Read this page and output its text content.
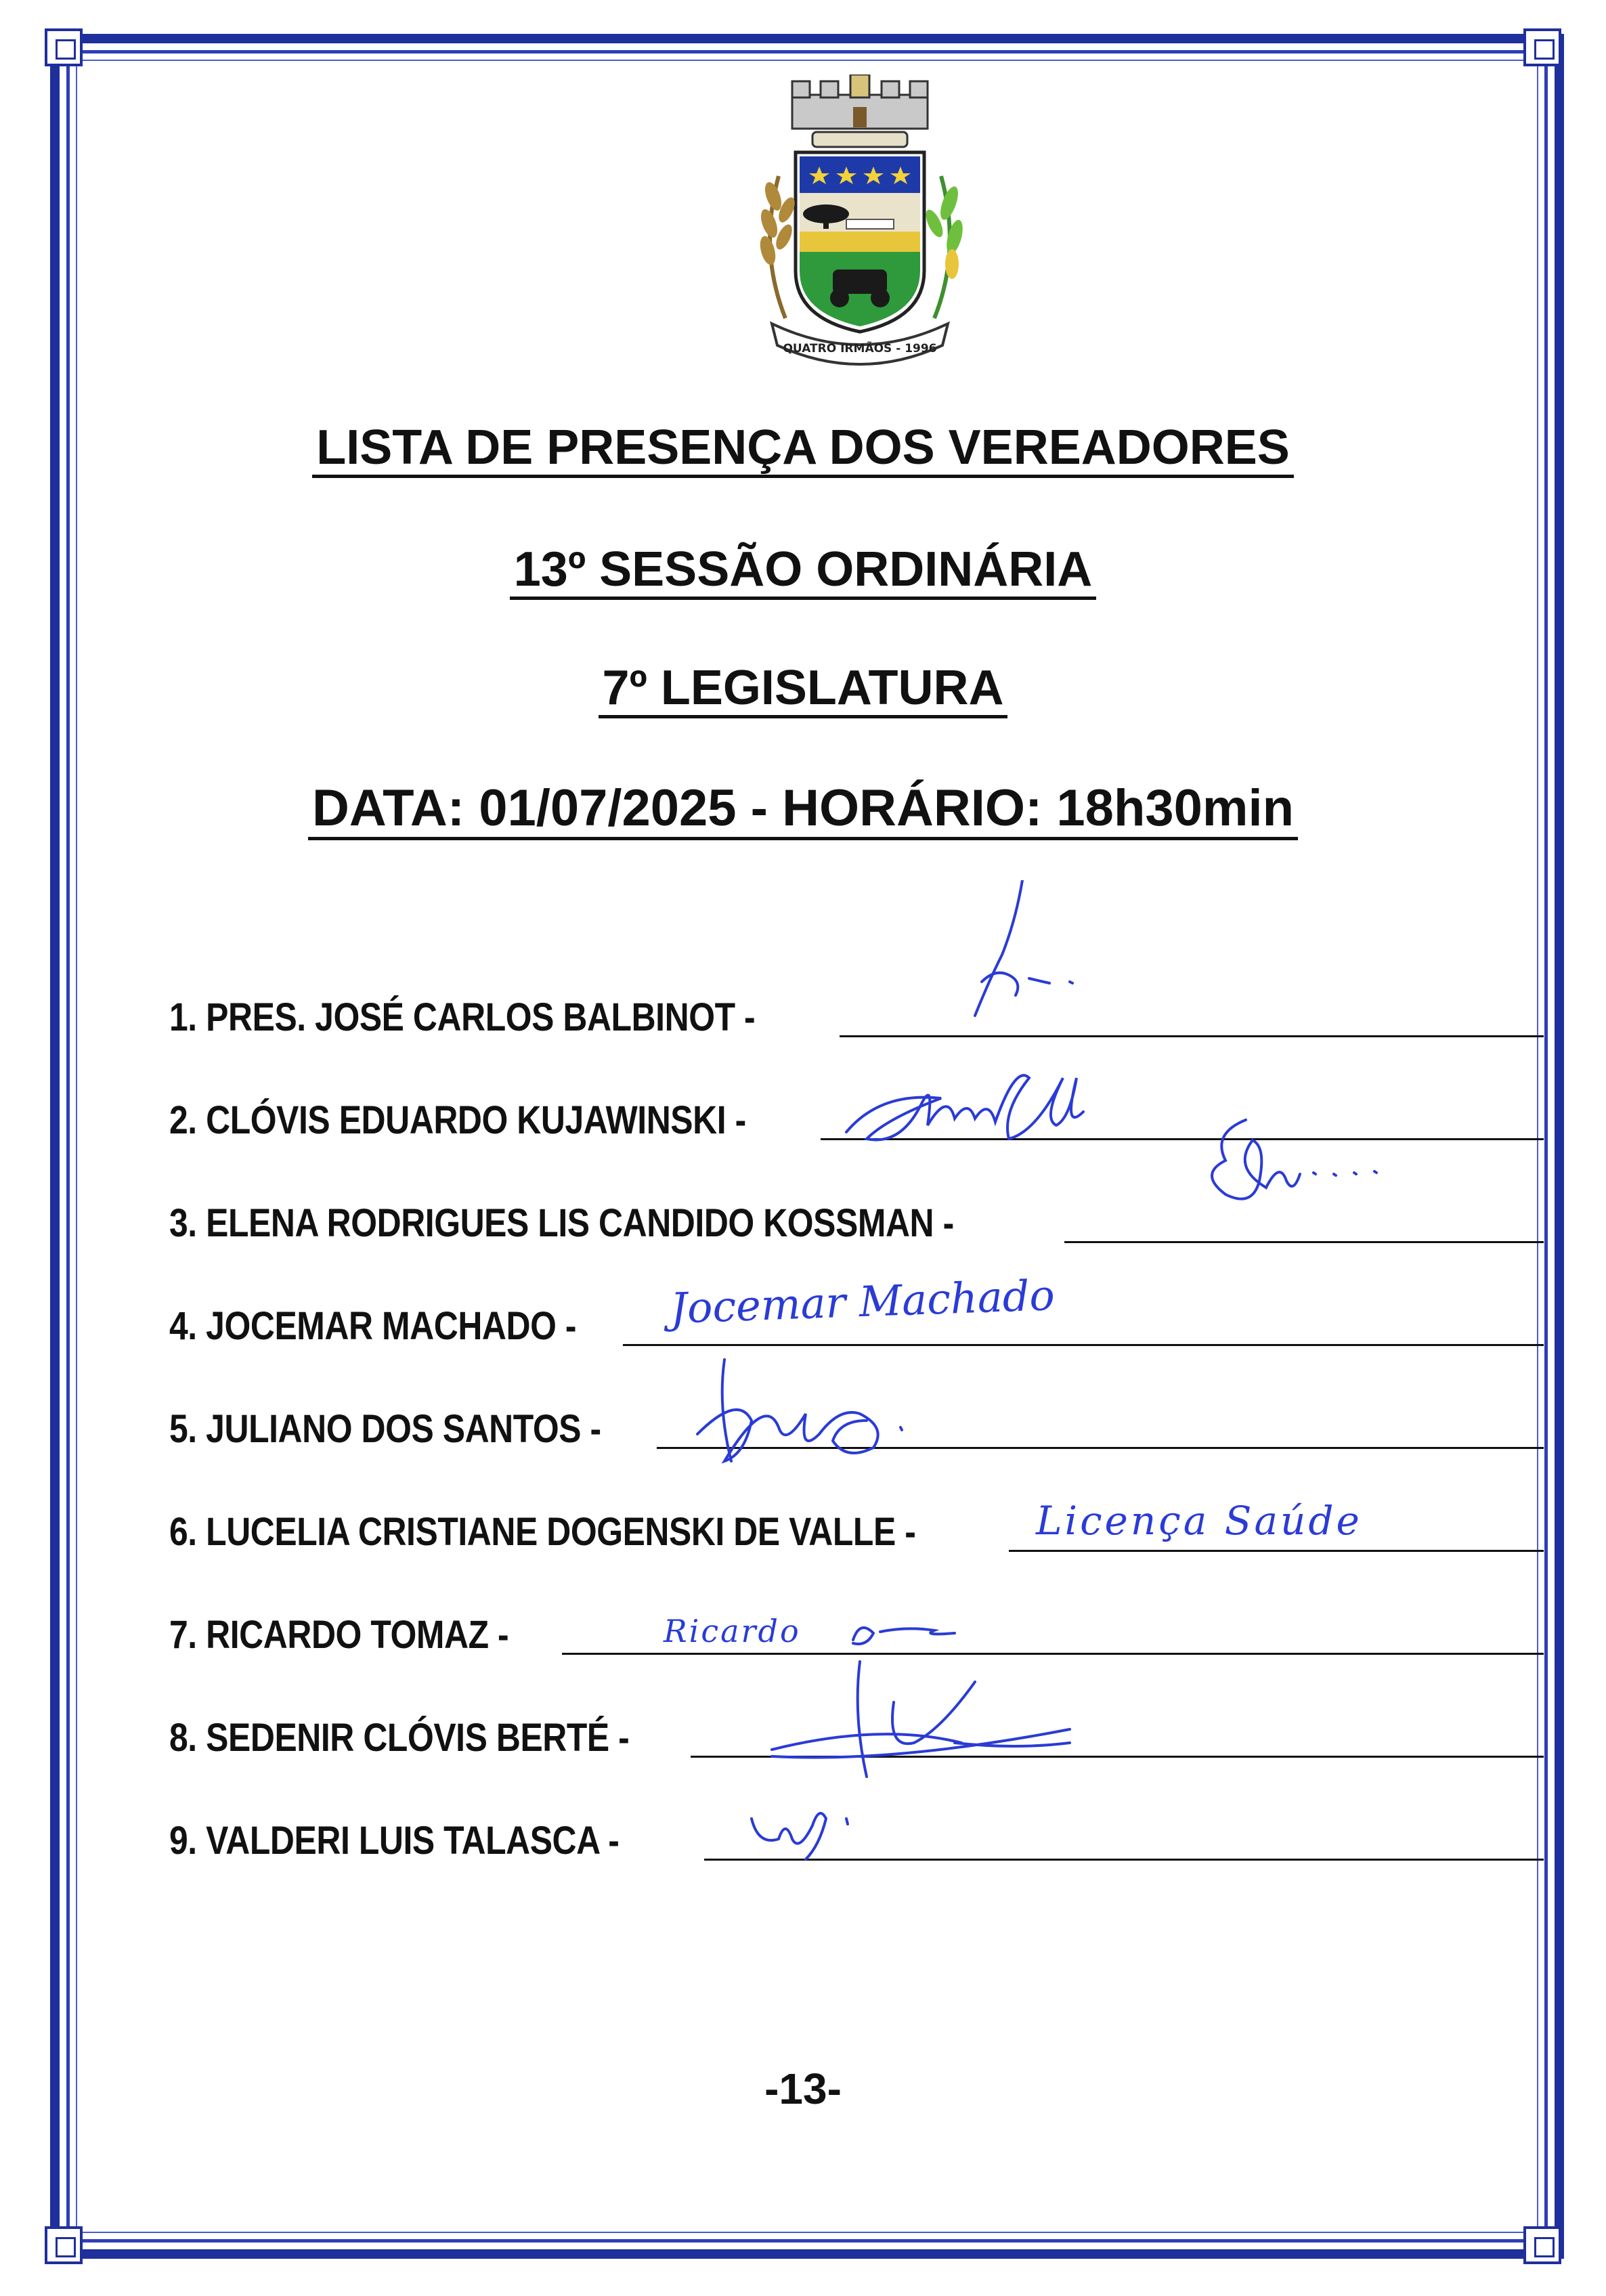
QUATRO IRMÃOS - 1996
LISTA DE PRESENÇA DOS VEREADORES
13º SESSÃO ORDINÁRIA
7º LEGISLATURA
DATA: 01/07/2025 - HORÁRIO: 18h30min
1. PRES. JOSÉ CARLOS BALBINOT -
2. CLÓVIS EDUARDO KUJAWINSKI -
3. ELENA RODRIGUES LIS CANDIDO KOSSMAN -
4. JOCEMAR MACHADO - Jocemar Machado
5. JULIANO DOS SANTOS -
6. LUCELIA CRISTIANE DOGENSKI DE VALLE -	Licença Saúde
7. RICARDO TOMAZ -	Ricardo
8. SEDENIR CLÓVIS BERTÉ -
9. VALDERI LUIS TALASCA -
-13-
